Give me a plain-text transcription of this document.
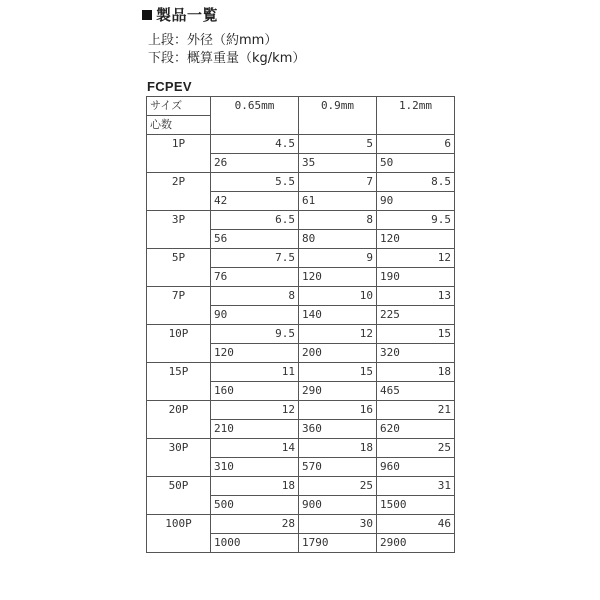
製品一覧
上段：外径（約mm）
下段：概算重量（kg/km）
FCPEV
サイズ	0.65mm	0.9mm	1.2mm
心数			
1P	4.5	5	6
	26	35	50
2P	5.5	7	8.5
	42	61	90
3P	6.5	8	9.5
	56	80	120
5P	7.5	9	12
	76	120	190
7P	8	10	13
	90	140	225
10P	9.5	12	15
	120	200	320
15P	11	15	18
	160	290	465
20P	12	16	21
	210	360	620
30P	14	18	25
	310	570	960
50P	18	25	31
	500	900	1500
100P	28	30	46
	1000	1790	2900
